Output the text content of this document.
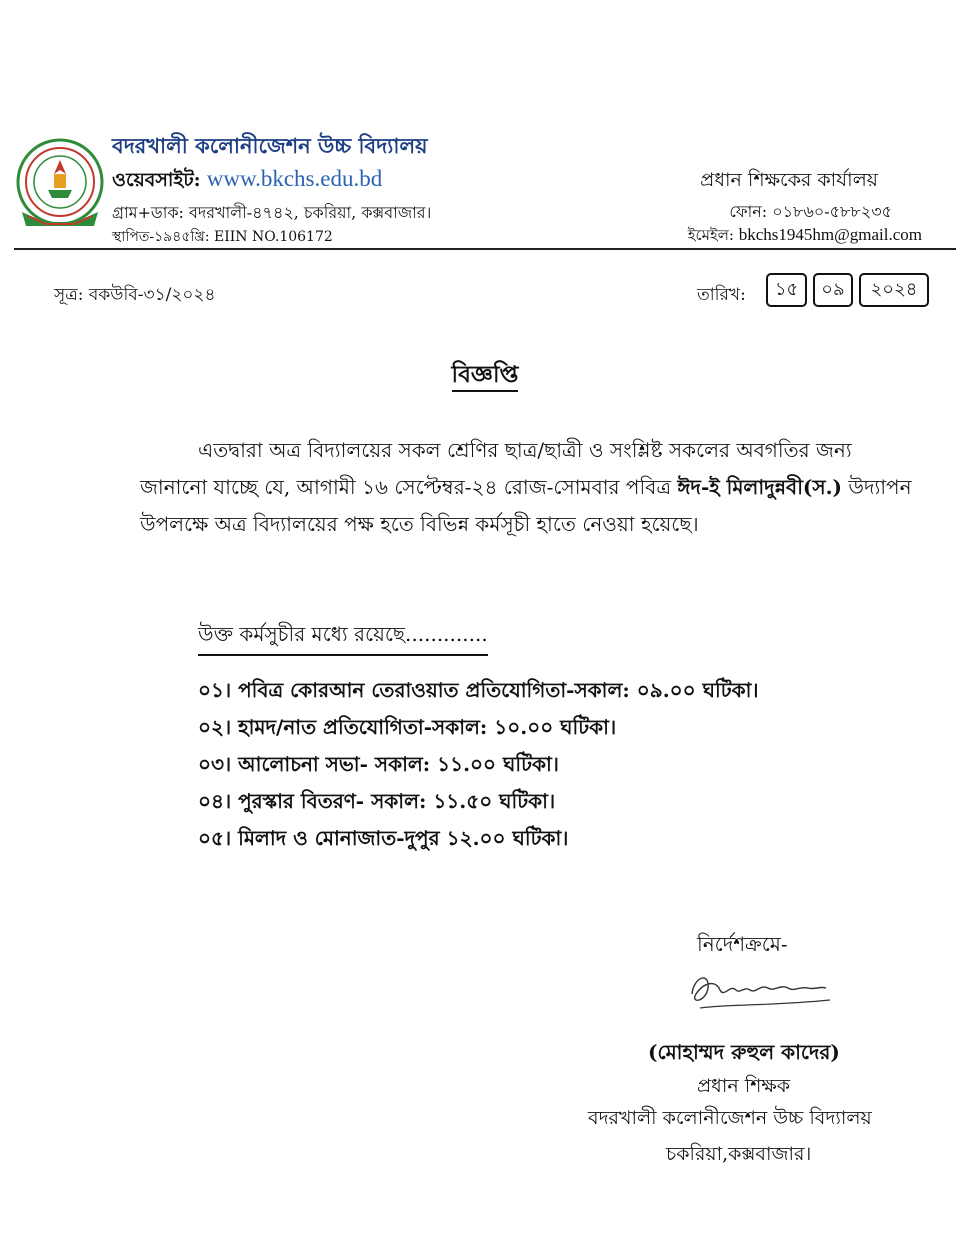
বদরখালী কলোনীজেশন উচ্চ বিদ্যালয়
ওয়েবসাইট: www.bkchs.edu.bd
গ্রাম+ডাক: বদরখালী-৪৭৪২, চকরিয়া, কক্সবাজার।
স্থাপিত-১৯৪৫খ্রি: EIIN NO.106172
প্রধান শিক্ষকের কার্যালয়
ফোন: ০১৮৬০-৫৮৮২৩৫
ইমেইল: bkchs1945hm@gmail.com
সূত্র: বকউবি-৩১/২০২৪	তারিখ:	১৫	০৯	২০২৪
বিজ্ঞপ্তি
এতদ্বারা অত্র বিদ্যালয়ের সকল শ্রেণির ছাত্র/ছাত্রী ও সংশ্লিষ্ট সকলের অবগতির জন্য জানানো যাচ্ছে যে, আগামী ১৬ সেপ্টেম্বর-২৪ রোজ-সোমবার পবিত্র ঈদ-ই মিলাদুন্নবী(স.) উদ্যাপন উপলক্ষে অত্র বিদ্যালয়ের পক্ষ হতে বিভিন্ন কর্মসূচী হাতে নেওয়া হয়েছে।
উক্ত কর্মসুচীর মধ্যে রয়েছে.............
০১। পবিত্র কোরআন তেরাওয়াত প্রতিযোগিতা-সকাল: ০৯.০০ ঘটিকা।
০২। হামদ/নাত প্রতিযোগিতা-সকাল: ১০.০০ ঘটিকা।
০৩। আলোচনা সভা- সকাল: ১১.০০ ঘটিকা।
০৪। পুরস্কার বিতরণ- সকাল: ১১.৫০ ঘটিকা।
০৫। মিলাদ ও মোনাজাত-দুপুর ১২.০০ ঘটিকা।
নির্দেশক্রমে-
(মোহাম্মদ রুহুল কাদের)
প্রধান শিক্ষক
বদরখালী কলোনীজেশন উচ্চ বিদ্যালয়
চকরিয়া,কক্সবাজার।
